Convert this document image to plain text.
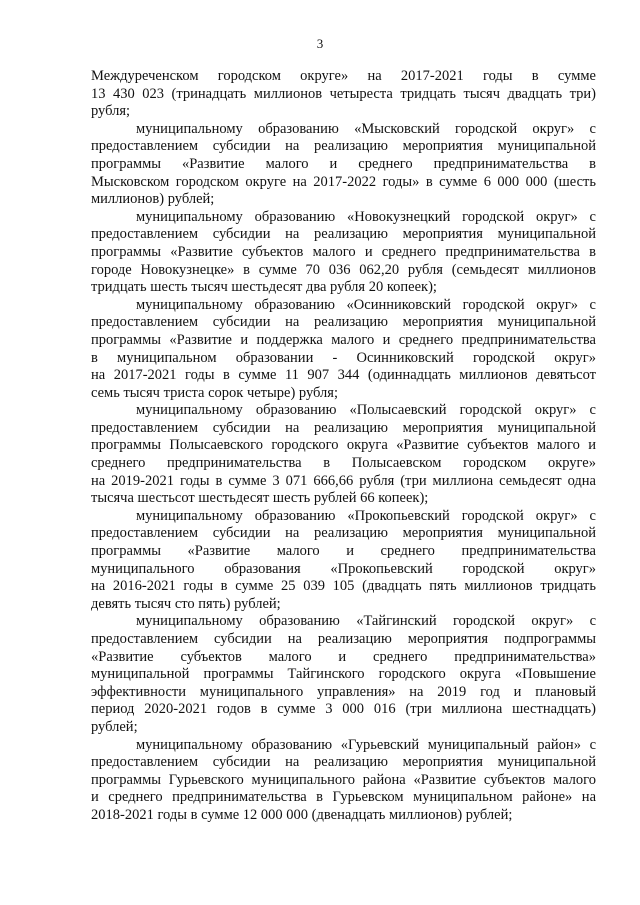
3
Междуреченском городском округе» на 2017-2021 годы в сумме
13 430 023 (тринадцать миллионов четыреста тридцать тысяч двадцать три)
рубля;
муниципальному образованию «Мысковский городской округ» с
предоставлением субсидии на реализацию мероприятия муниципальной
программы «Развитие малого и среднего предпринимательства в
Мысковском городском округе на 2017-2022 годы» в сумме 6 000 000 (шесть
миллионов) рублей;
муниципальному образованию «Новокузнецкий городской округ» с
предоставлением субсидии на реализацию мероприятия муниципальной
программы «Развитие субъектов малого и среднего предпринимательства в
городе Новокузнецке» в сумме 70 036 062,20 рубля (семьдесят миллионов
тридцать шесть тысяч шестьдесят два рубля 20 копеек);
муниципальному образованию «Осинниковский городской округ» с
предоставлением субсидии на реализацию мероприятия муниципальной
программы «Развитие и поддержка малого и среднего предпринимательства
в муниципальном образовании - Осинниковский городской округ»
на 2017-2021 годы в сумме 11 907 344 (одиннадцать миллионов девятьсот
семь тысяч триста сорок четыре) рубля;
муниципальному образованию «Полысаевский городской округ» с
предоставлением субсидии на реализацию мероприятия муниципальной
программы Полысаевского городского округа «Развитие субъектов малого и
среднего предпринимательства в Полысаевском городском округе»
на 2019-2021 годы в сумме 3 071 666,66 рубля (три миллиона семьдесят одна
тысяча шестьсот шестьдесят шесть рублей 66 копеек);
муниципальному образованию «Прокопьевский городской округ» с
предоставлением субсидии на реализацию мероприятия муниципальной
программы «Развитие малого и среднего предпринимательства
муниципального образования «Прокопьевский городской округ»
на 2016-2021 годы в сумме 25 039 105 (двадцать пять миллионов тридцать
девять тысяч сто пять) рублей;
муниципальному образованию «Тайгинский городской округ» с
предоставлением субсидии на реализацию мероприятия подпрограммы
«Развитие субъектов малого и среднего предпринимательства»
муниципальной программы Тайгинского городского округа «Повышение
эффективности муниципального управления» на 2019 год и плановый
период 2020-2021 годов в сумме 3 000 016 (три миллиона шестнадцать)
рублей;
муниципальному образованию «Гурьевский муниципальный район» с
предоставлением субсидии на реализацию мероприятия муниципальной
программы Гурьевского муниципального района «Развитие субъектов малого
и среднего предпринимательства в Гурьевском муниципальном районе» на
2018-2021 годы в сумме 12 000 000 (двенадцать миллионов) рублей;
